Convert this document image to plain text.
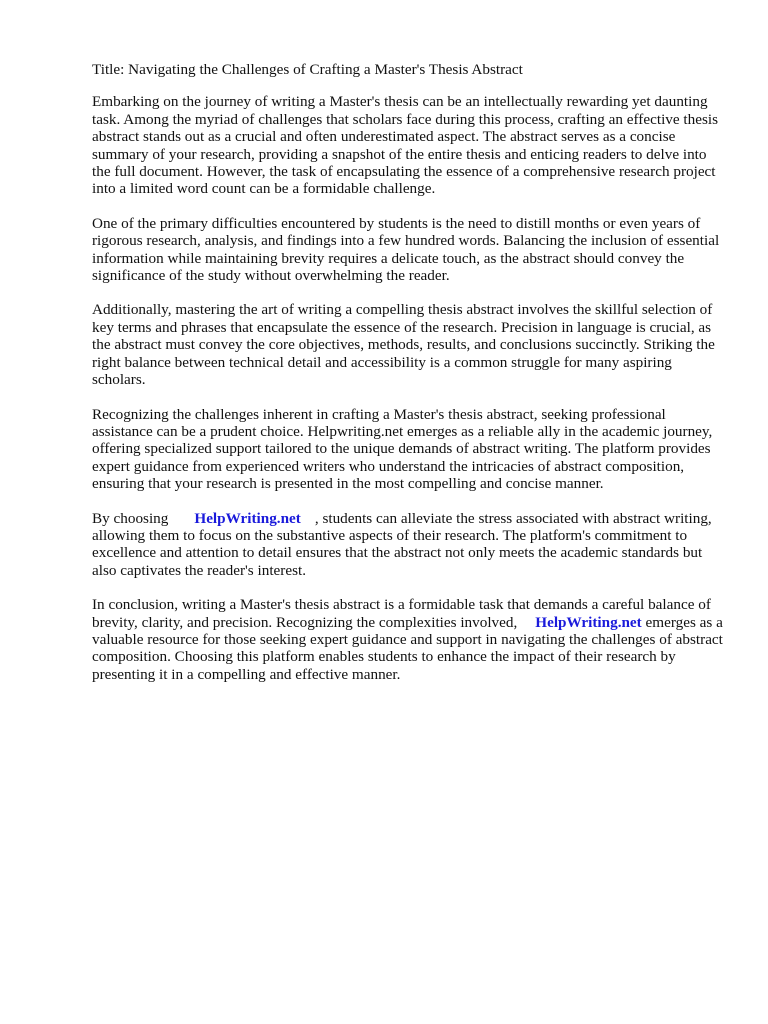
Title: Navigating the Challenges of Crafting a Master's Thesis Abstract

Embarking on the journey of writing a Master's thesis can be an intellectually rewarding yet daunting task. Among the myriad of challenges that scholars face during this process, crafting an effective thesis abstract stands out as a crucial and often underestimated aspect. The abstract serves as a concise summary of your research, providing a snapshot of the entire thesis and enticing readers to delve into the full document. However, the task of encapsulating the essence of a comprehensive research project into a limited word count can be a formidable challenge.

One of the primary difficulties encountered by students is the need to distill months or even years of rigorous research, analysis, and findings into a few hundred words. Balancing the inclusion of essential information while maintaining brevity requires a delicate touch, as the abstract should convey the significance of the study without overwhelming the reader.

Additionally, mastering the art of writing a compelling thesis abstract involves the skillful selection of key terms and phrases that encapsulate the essence of the research. Precision in language is crucial, as the abstract must convey the core objectives, methods, results, and conclusions succinctly. Striking the right balance between technical detail and accessibility is a common struggle for many aspiring scholars.

Recognizing the challenges inherent in crafting a Master's thesis abstract, seeking professional assistance can be a prudent choice. Helpwriting.net emerges as a reliable ally in the academic journey, offering specialized support tailored to the unique demands of abstract writing. The platform provides expert guidance from experienced writers who understand the intricacies of abstract composition, ensuring that your research is presented in the most compelling and concise manner.

By choosing HelpWriting.net , students can alleviate the stress associated with abstract writing, allowing them to focus on the substantive aspects of their research. The platform's commitment to excellence and attention to detail ensures that the abstract not only meets the academic standards but also captivates the reader's interest.

In conclusion, writing a Master's thesis abstract is a formidable task that demands a careful balance of brevity, clarity, and precision. Recognizing the complexities involved, HelpWriting.net emerges as a valuable resource for those seeking expert guidance and support in navigating the challenges of abstract composition. Choosing this platform enables students to enhance the impact of their research by presenting it in a compelling and effective manner.
